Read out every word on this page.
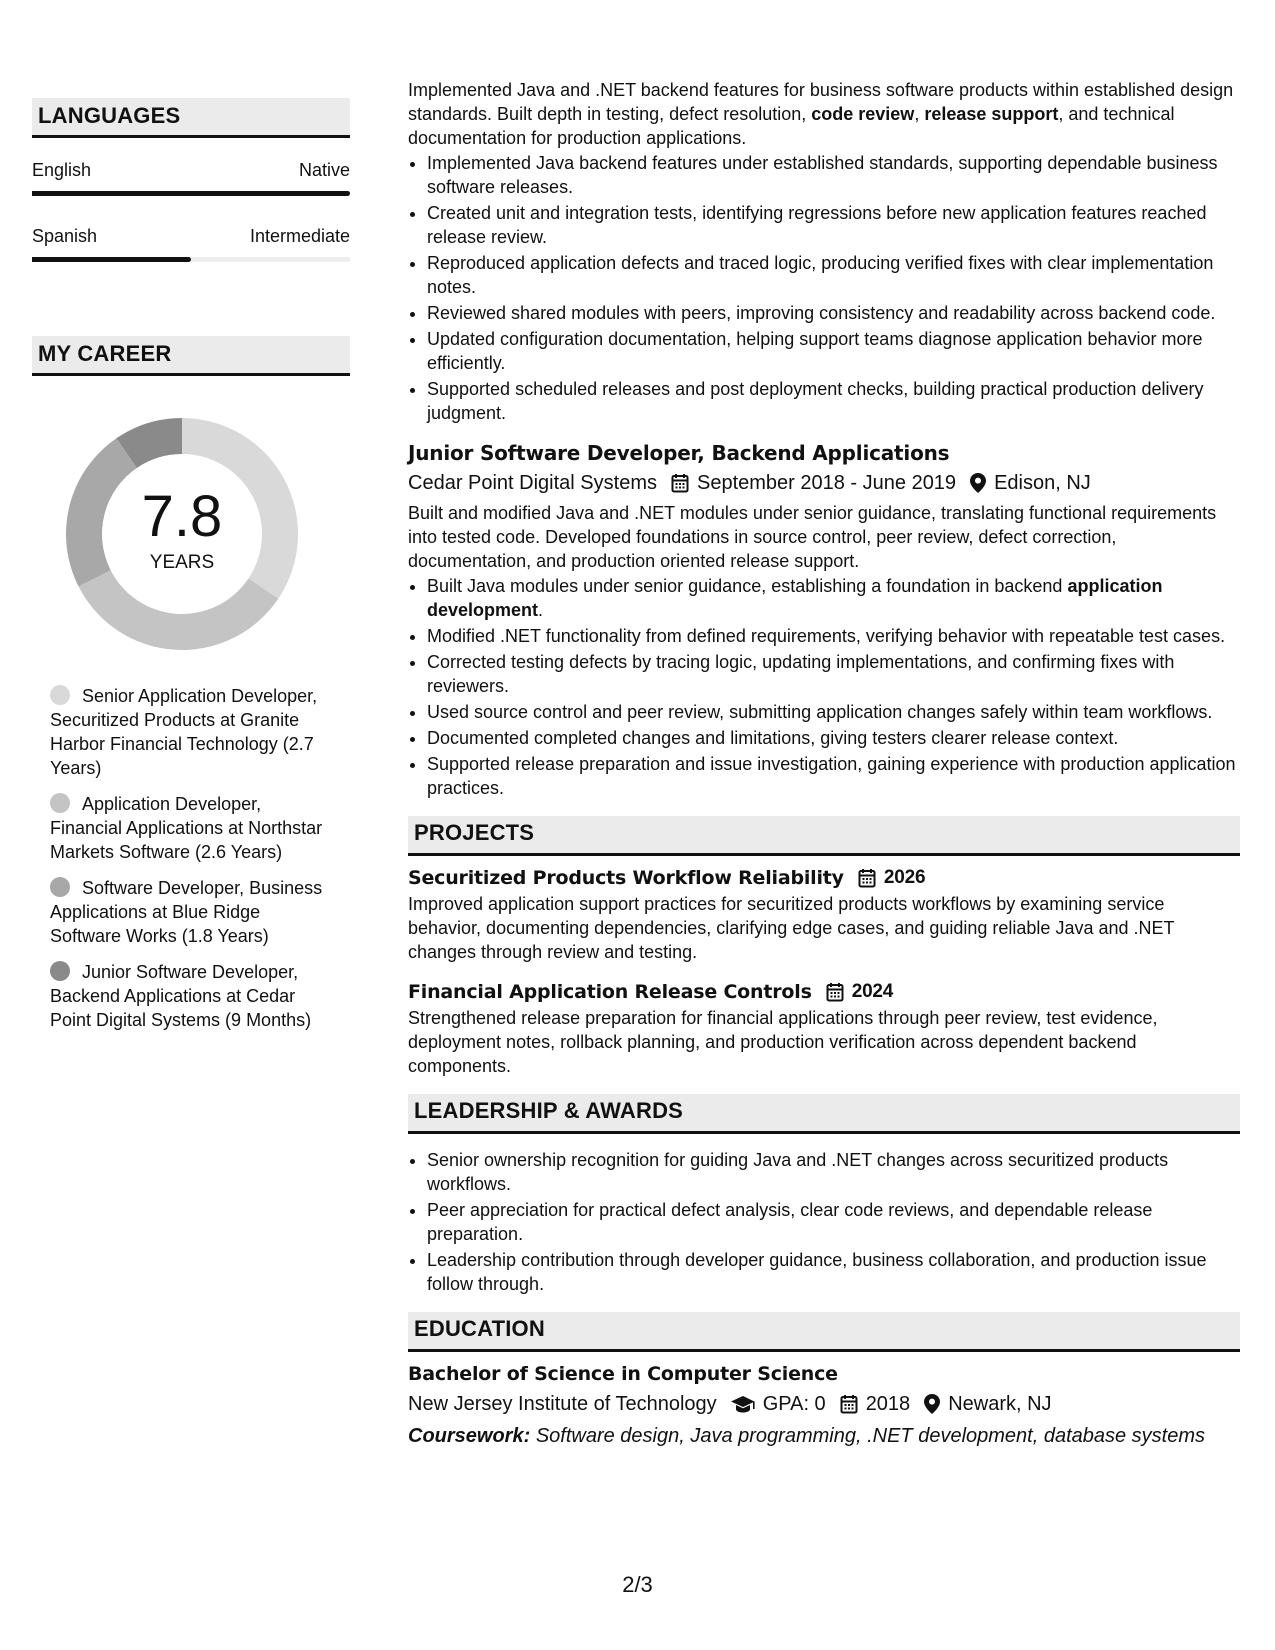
LANGUAGES
English	Native
Spanish	Intermediate
MY CAREER
7.8
YEARS
Senior Application Developer, Securitized Products at Granite Harbor Financial Technology (2.7 Years)
Application Developer, Financial Applications at Northstar Markets Software (2.6 Years)
Software Developer, Business Applications at Blue Ridge Software Works (1.8 Years)
Junior Software Developer, Backend Applications at Cedar Point Digital Systems (9 Months)

Implemented Java and .NET backend features for business software products within established design standards. Built depth in testing, defect resolution, code review, release support, and technical documentation for production applications.

• Implemented Java backend features under established standards, supporting dependable business software releases.
• Created unit and integration tests, identifying regressions before new application features reached release review.
• Reproduced application defects and traced logic, producing verified fixes with clear implementation notes.
• Reviewed shared modules with peers, improving consistency and readability across backend code.
• Updated configuration documentation, helping support teams diagnose application behavior more efficiently.
• Supported scheduled releases and post deployment checks, building practical production delivery judgment.
Junior Software Developer, Backend Applications
Cedar Point Digital Systems September 2018 - June 2019 Edison, NJ

Built and modified Java and .NET modules under senior guidance, translating functional requirements into tested code. Developed foundations in source control, peer review, defect correction, documentation, and production oriented release support.

• Built Java modules under senior guidance, establishing a foundation in backend application development.
• Modified .NET functionality from defined requirements, verifying behavior with repeatable test cases.
• Corrected testing defects by tracing logic, updating implementations, and confirming fixes with reviewers.
• Used source control and peer review, submitting application changes safely within team workflows.
• Documented completed changes and limitations, giving testers clearer release context.
• Supported release preparation and issue investigation, gaining experience with production application practices.
PROJECTS
Securitized Products Workflow Reliability 2026

Improved application support practices for securitized products workflows by examining service behavior, documenting dependencies, clarifying edge cases, and guiding reliable Java and .NET changes through review and testing.

Financial Application Release Controls 2024

Strengthened release preparation for financial applications through peer review, test evidence, deployment notes, rollback planning, and production verification across dependent backend components.

LEADERSHIP & AWARDS
• Senior ownership recognition for guiding Java and .NET changes across securitized products workflows.
• Peer appreciation for practical defect analysis, clear code reviews, and dependable release preparation.
• Leadership contribution through developer guidance, business collaboration, and production issue follow through.
EDUCATION
Bachelor of Science in Computer Science
New Jersey Institute of Technology GPA: 0 2018 Newark, NJ
Coursework: Software design, Java programming, .NET development, database systems
2/3
